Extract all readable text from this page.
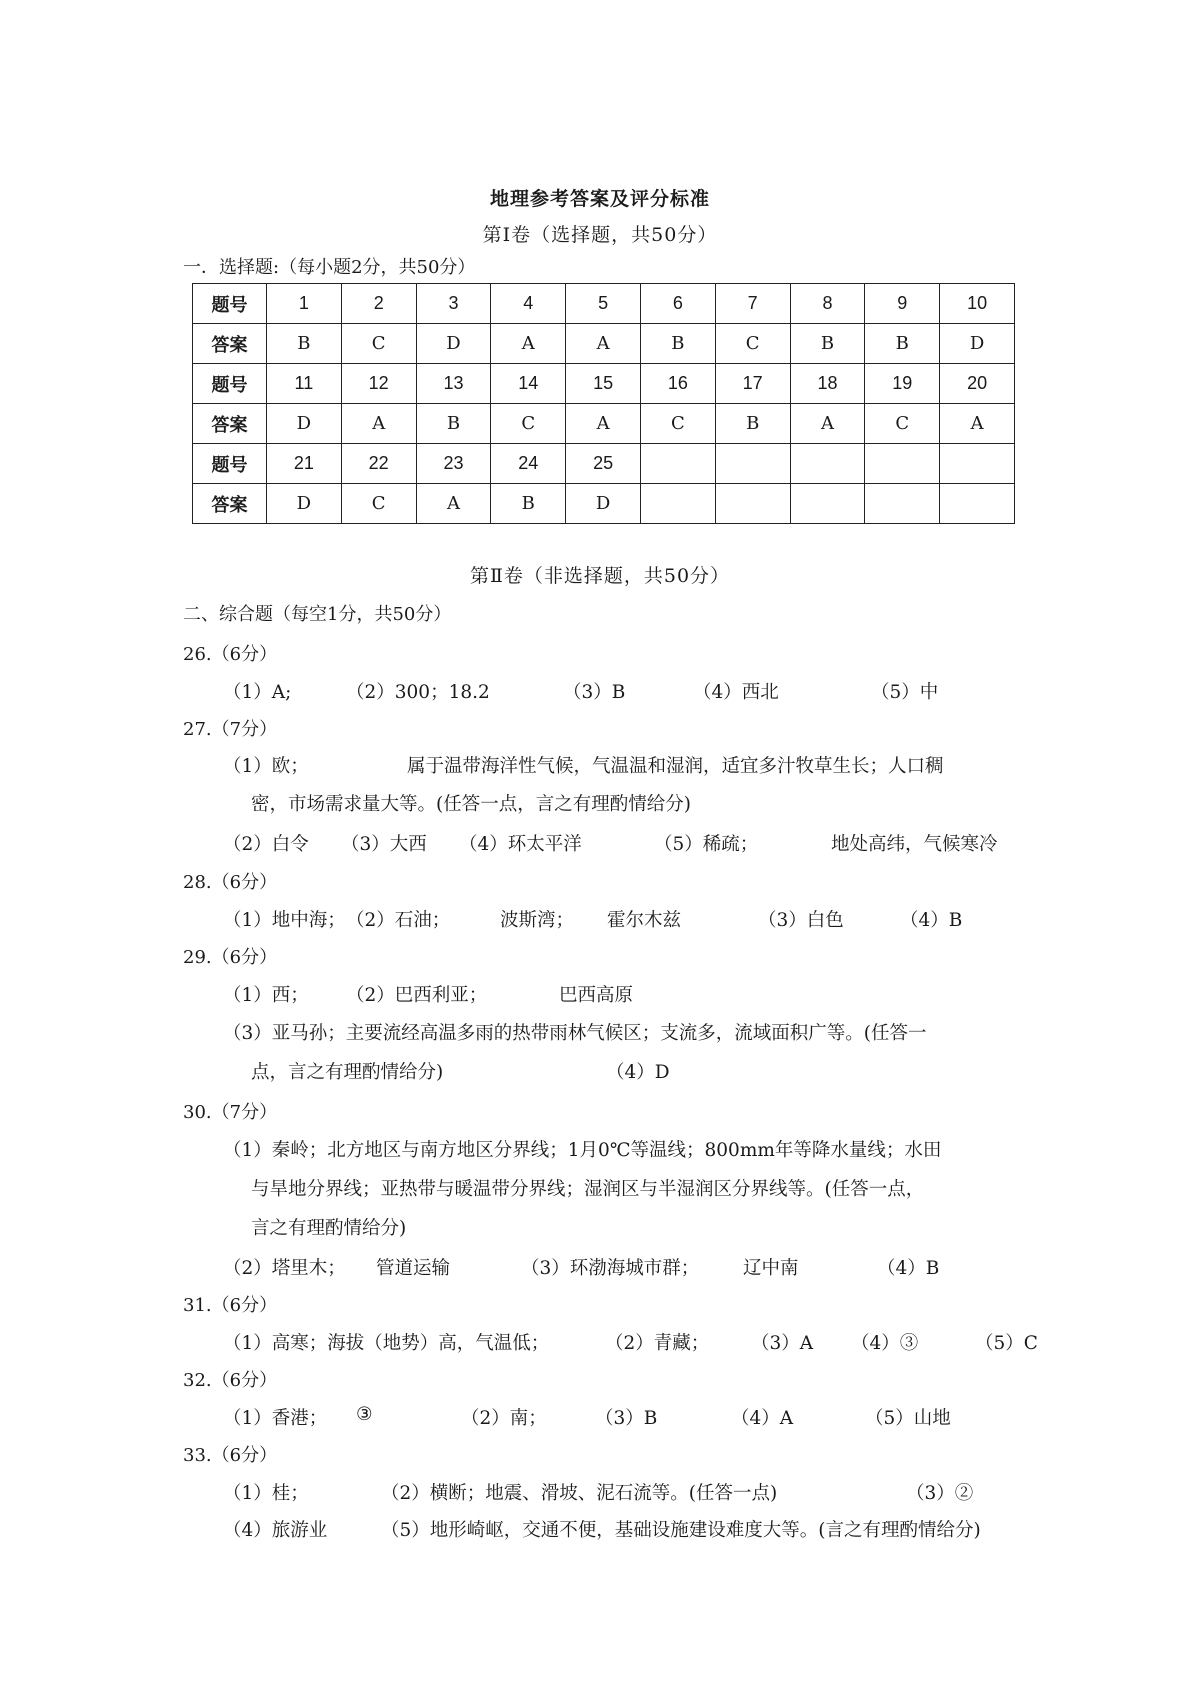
地理参考答案及评分标准
第Ⅰ卷（选择题，共50分）
一．选择题:（每小题2分，共50分）
题号	1	2	3	4	5	6	7	8	9	10
答案	B	C	D	A	A	B	C	B	B	D
题号	11	12	13	14	15	16	17	18	19	20
答案	D	A	B	C	A	C	B	A	C	A
题号	21	22	23	24	25					
答案	D	C	A	B	D					
第Ⅱ卷（非选择题，共50分）
二、综合题（每空1分，共50分）
26.（6分）
（1）A;	（2）300；18.2	（3）B	（4）西北	（5）中
27.（7分）
（1）欧；	属于温带海洋性气候，气温温和湿润，适宜多汁牧草生长；人口稠
密，市场需求量大等。(任答一点，言之有理酌情给分)
（2）白令 （3）大西 （4）环太平洋	（5）稀疏；	地处高纬，气候寒冷
28.（6分）
（1）地中海； （2）石油；	波斯湾； 霍尔木兹	（3）白色	（4）B
29.（6分）
（1）西； （2）巴西利亚；	巴西高原
（3）亚马孙；主要流经高温多雨的热带雨林气候区；支流多，流域面积广等。(任答一
点，言之有理酌情给分)	（4）D
30.（7分）
（1）秦岭；北方地区与南方地区分界线；1月0℃等温线；800mm年等降水量线；水田
与旱地分界线；亚热带与暖温带分界线；湿润区与半湿润区分界线等。(任答一点，
言之有理酌情给分)
（2）塔里木； 管道运输	（3）环渤海城市群； 辽中南	（4）B
31.（6分）
（1）高寒；海拔（地势）高，气温低；	（2）青藏； （3）A （4）③	（5）C
32.（6分）
（1）香港； ③	（2）南；	（3）B	（4）A	（5）山地
33.（6分）
（1）桂；	（2）横断；地震、滑坡、泥石流等。(任答一点)	（3）②
（4）旅游业	（5）地形崎岖，交通不便，基础设施建设难度大等。(言之有理酌情给分)
